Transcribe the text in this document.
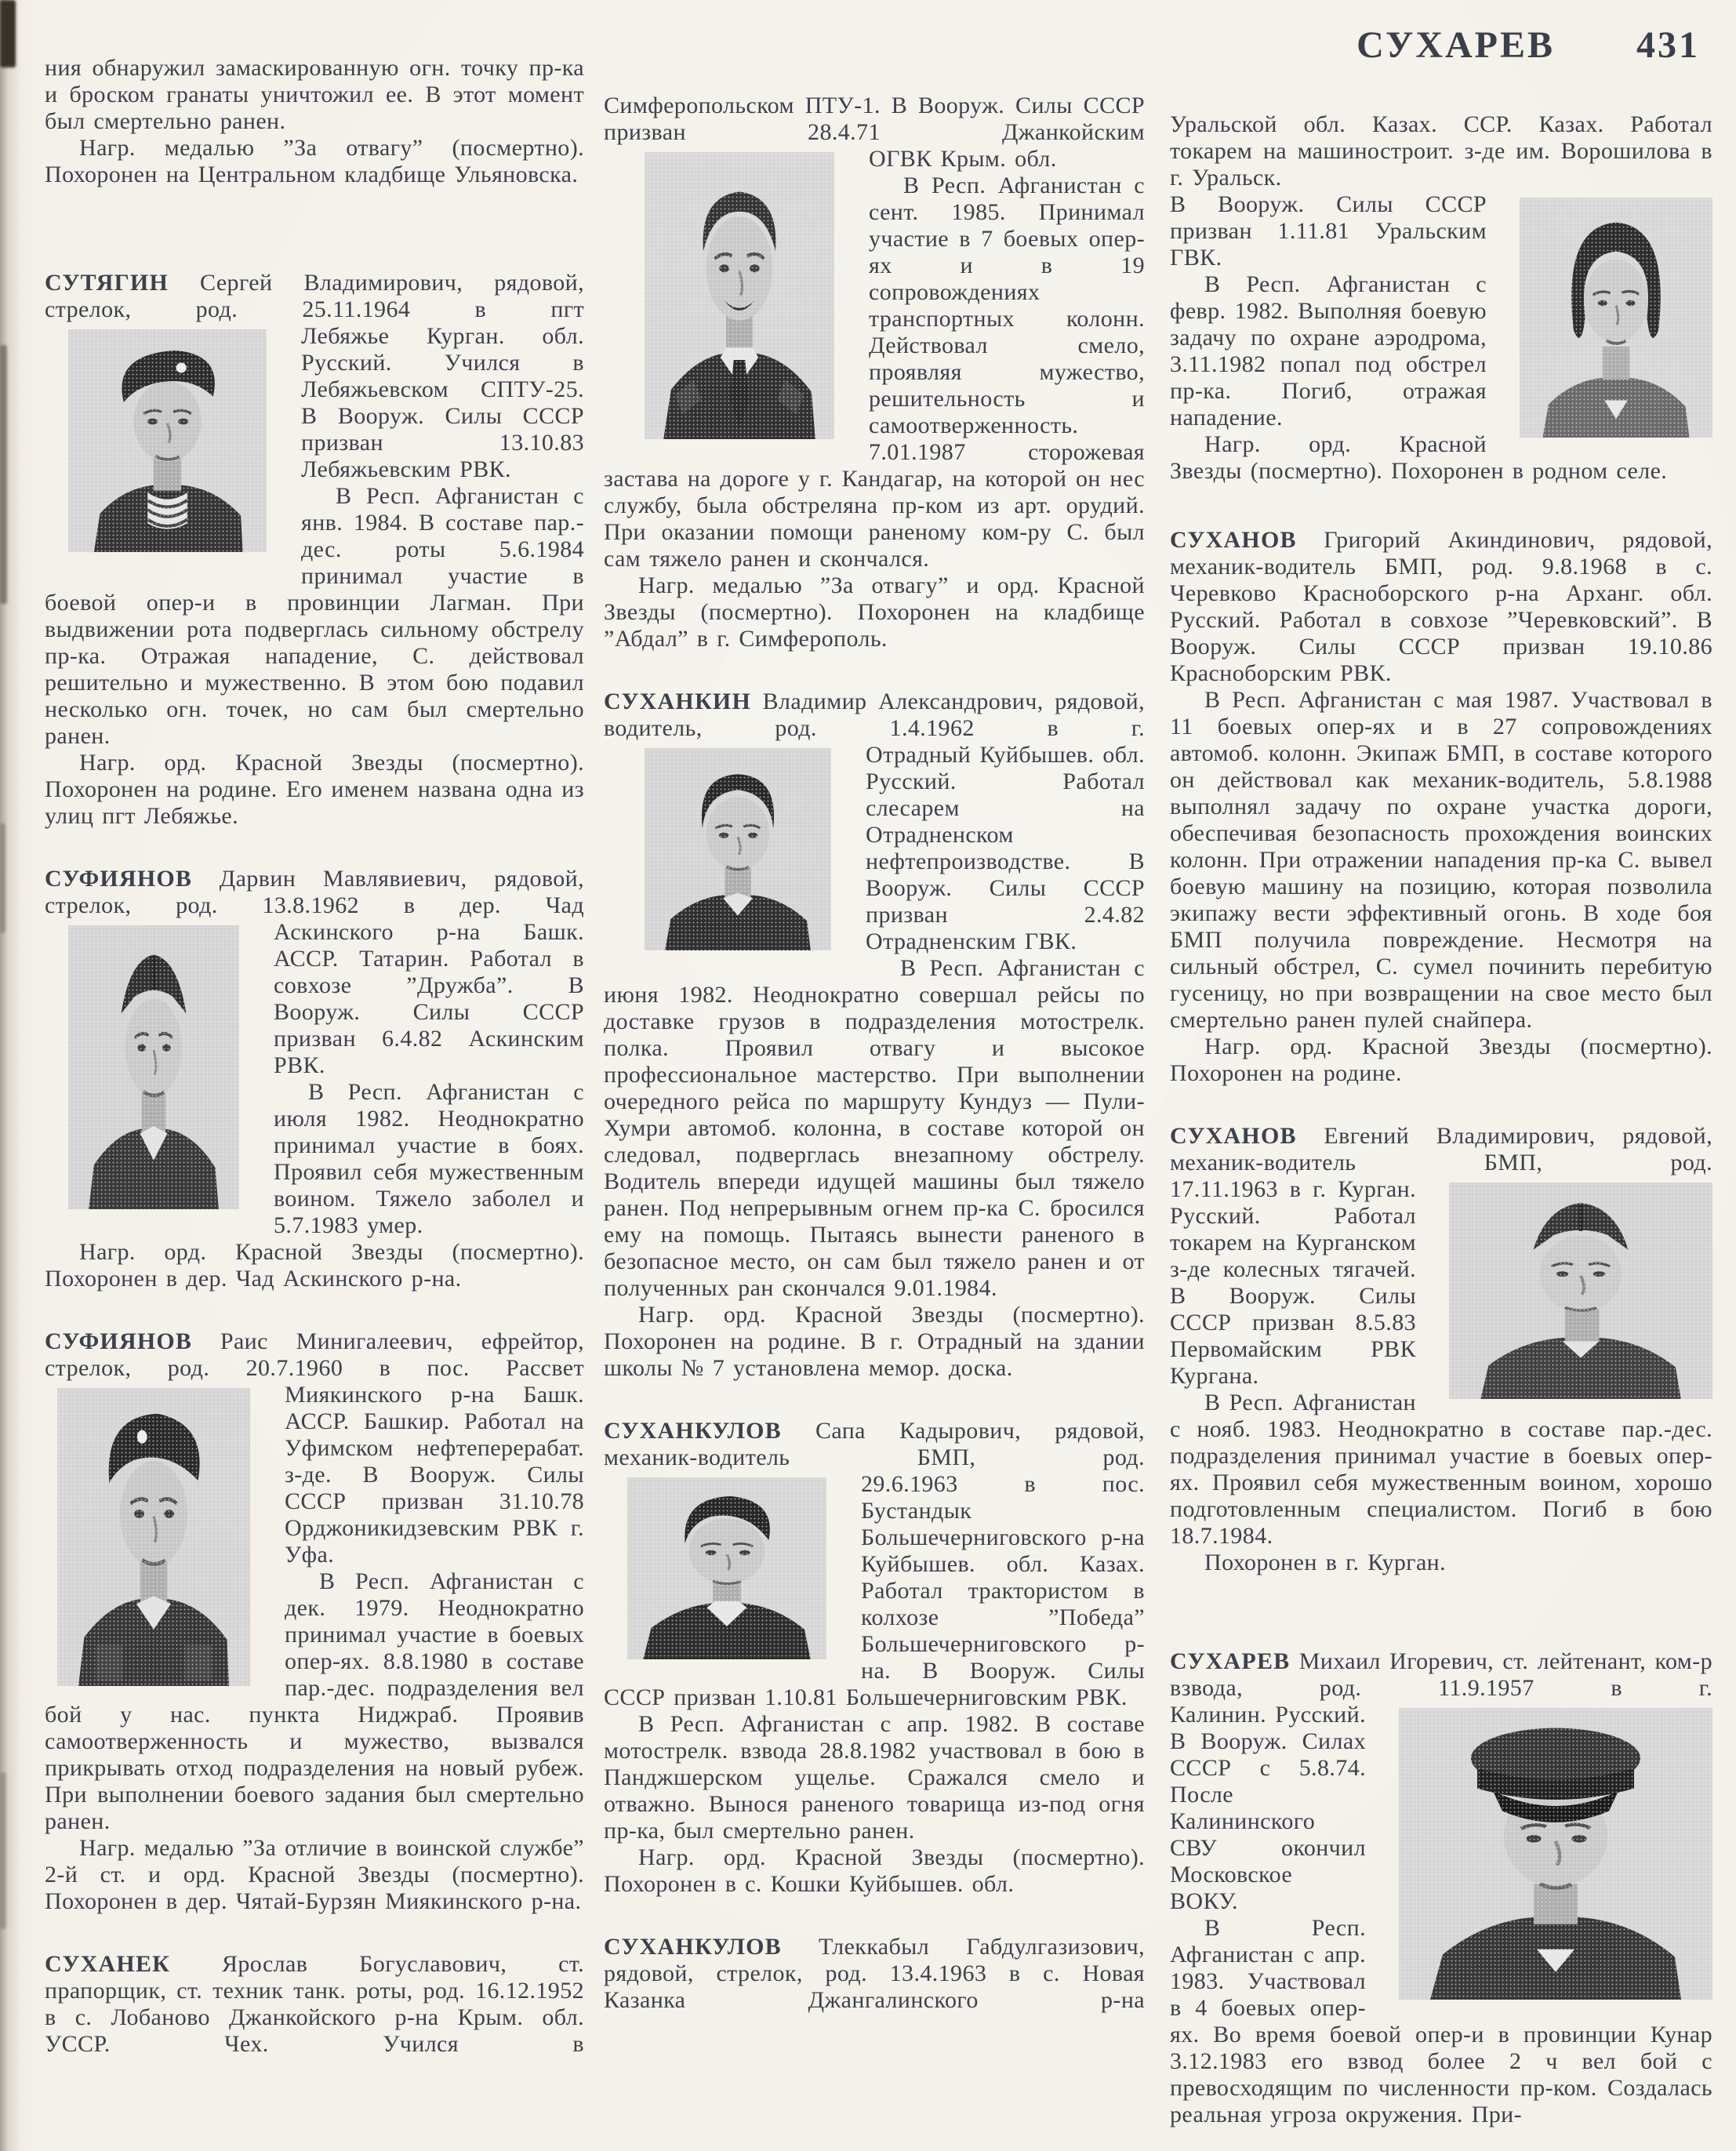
СУХАРЕВ 431

ния обнаружил замаскированную огн. точку пр-ка и броском гранаты уничтожил ее. В этот момент был смертельно ранен.

Нагр. медалью ”За отвагу” (посмертно). Похоронен на Центральном кладбище Ульяновска.

СУТЯГИН Сергей Владимирович, рядовой, стрелок, род. 25.11.1964 в пгт

Лебяжье Курган. обл. Русский. Учился в Лебяжьевском СПТУ-25. В Вооруж. Силы СССР призван 13.10.83 Лебяжьевским РВК.

В Респ. Афганистан с янв. 1984. В составе пар.-дес. роты 5.6.1984 принимал участие в боевой опер-и в провинции Лагман. При выдвижении рота подверглась сильному обстрелу пр-ка. Отражая нападение, С. действовал решительно и мужественно. В этом бою подавил несколько огн. точек, но сам был смертельно ранен.

Нагр. орд. Красной Звезды (посмертно). Похоронен на родине. Его именем названа одна из улиц пгт Лебяжье.

СУФИЯНОВ Дарвин Мавлявиевич, рядовой, стрелок, род. 13.8.1962 в дер. Чад

Аскинского р-на Башк. АССР. Татарин. Работал в совхозе ”Дружба”. В Вооруж. Силы СССР призван 6.4.82 Аскинским РВК.

В Респ. Афганистан с июля 1982. Неоднократно принимал участие в боях. Проявил себя мужественным воином. Тяжело заболел и 5.7.1983 умер.

Нагр. орд. Красной Звезды (посмертно). Похоронен в дер. Чад Аскинского р-на.

СУФИЯНОВ Раис Минигалеевич, ефрейтор, стрелок, род. 20.7.1960 в пос. Рассвет

Миякинского р-на Башк. АССР. Башкир. Работал на Уфимском нефтеперерабат. з-де. В Вооруж. Силы СССР призван 31.10.78 Орджоникидзевским РВК г. Уфа.

В Респ. Афганистан с дек. 1979. Неоднократно принимал участие в боевых опер-ях. 8.8.1980 в составе пар.-дес. подразделения вел бой у нас. пункта Ниджраб. Проявив самоотверженность и мужество, вызвался прикрывать отход подразделения на новый рубеж. При выполнении боевого задания был смертельно ранен.

Нагр. медалью ”За отличие в воинской службе” 2-й ст. и орд. Красной Звезды (посмертно). Похоронен в дер. Чятай-Бурзян Миякинского р-на.

СУХАНЕК Ярослав Богуславович, ст. прапорщик, ст. техник танк. роты, род. 16.12.1952 в с. Лобаново Джанкойского р-на Крым. обл. УССР. Чех. Учился в

Симферопольском ПТУ-1. В Вооруж. Силы СССР призван 28.4.71 Джанкойским

ОГВК Крым. обл.

В Респ. Афганистан с сент. 1985. Принимал участие в 7 боевых опер-ях и в 19 сопровождениях транспортных колонн. Действовал смело, проявляя мужество, решительность и самоотверженность. 7.01.1987 сторожевая застава на дороге у г. Кандагар, на которой он нес службу, была обстреляна пр-ком из арт. орудий. При оказании помощи раненому ком-ру С. был сам тяжело ранен и скончался.

Нагр. медалью ”За отвагу” и орд. Красной Звезды (посмертно). Похоронен на кладбище ”Абдал” в г. Симферополь.

СУХАНКИН Владимир Александрович, рядовой, водитель, род. 1.4.1962 в г.

Отрадный Куйбышев. обл. Русский. Работал слесарем на Отрадненском нефтепроизводстве. В Вооруж. Силы СССР призван 2.4.82 Отрадненским ГВК.

В Респ. Афганистан с июня 1982. Неоднократно совершал рейсы по доставке грузов в подразделения мотострелк. полка. Проявил отвагу и высокое профессиональное мастерство. При выполнении очередного рейса по маршруту Кундуз — Пули-Хумри автомоб. колонна, в составе которой он следовал, подверглась внезапному обстрелу. Водитель впереди идущей машины был тяжело ранен. Под непрерывным огнем пр-ка С. бросился ему на помощь. Пытаясь вынести раненого в безопасное место, он сам был тяжело ранен и от полученных ран скончался 9.01.1984.

Нагр. орд. Красной Звезды (посмертно). Похоронен на родине. В г. Отрадный на здании школы № 7 установлена мемор. доска.

СУХАНКУЛОВ Сапа Кадырович, рядовой, механик-водитель БМП, род.

29.6.1963 в пос. Бустандык Большечерниговского р-на Куйбышев. обл. Казах. Работал трактористом в колхозе ”Победа” Большечерниговского р-на. В Вооруж. Силы СССР призван 1.10.81 Большечерниговским РВК.

В Респ. Афганистан с апр. 1982. В составе мотострелк. взвода 28.8.1982 участвовал в бою в Панджшерском ущелье. Сражался смело и отважно. Вынося раненого товарища из-под огня пр-ка, был смертельно ранен.

Нагр. орд. Красной Звезды (посмертно). Похоронен в с. Кошки Куйбышев. обл.

СУХАНКУЛОВ Тлеккабыл Габдулгазизович, рядовой, стрелок, род. 13.4.1963 в с. Новая Казанка Джангалинского р-на

Уральской обл. Казах. ССР. Казах. Работал токарем на машиностроит. з-де им. Ворошилова в г. Уральск.

В Вооруж. Силы СССР призван 1.11.81 Уральским ГВК.

В Респ. Афганистан с февр. 1982. Выполняя боевую задачу по охране аэродрома, 3.11.1982 попал под обстрел пр-ка. Погиб, отражая нападение.

Нагр. орд. Красной Звезды (посмертно). Похоронен в родном селе.

СУХАНОВ Григорий Акиндинович, рядовой, механик-водитель БМП, род. 9.8.1968 в с. Черевково Красноборского р-на Арханг. обл. Русский. Работал в совхозе ”Черевковский”. В Вооруж. Силы СССР призван 19.10.86 Красноборским РВК.

В Респ. Афганистан с мая 1987. Участвовал в 11 боевых опер-ях и в 27 сопровождениях автомоб. колонн. Экипаж БМП, в составе которого он действовал как механик-водитель, 5.8.1988 выполнял задачу по охране участка дороги, обеспечивая безопасность прохождения воинских колонн. При отражении нападения пр-ка С. вывел боевую машину на позицию, которая позволила экипажу вести эффективный огонь. В ходе боя БМП получила повреждение. Несмотря на сильный обстрел, С. сумел починить перебитую гусеницу, но при возвращении на свое место был смертельно ранен пулей снайпера.

Нагр. орд. Красной Звезды (посмертно). Похоронен на родине.

СУХАНОВ Евгений Владимирович, рядовой, механик-водитель БМП, род.

17.11.1963 в г. Курган. Русский. Работал токарем на Курганском з-де колесных тягачей. В Вооруж. Силы СССР призван 8.5.83 Первомайским РВК Кургана.

В Респ. Афганистан с нояб. 1983. Неоднократно в составе пар.-дес. подразделения принимал участие в боевых опер-ях. Проявил себя мужественным воином, хорошо подготовленным специалистом. Погиб в бою 18.7.1984.

Похоронен в г. Курган.

СУХАРЕВ Михаил Игоревич, ст. лейтенант, ком-р взвода, род. 11.9.1957 в г.

Калинин. Русский. В Вооруж. Силах СССР с 5.8.74. После Калининского СВУ окончил Московское ВОКУ.

В Респ. Афганистан с апр. 1983. Участвовал в 4 боевых опер-ях. Во время боевой опер-и в провинции Кунар 3.12.1983 его взвод более 2 ч вел бой с превосходящим по численности пр-ком. Создалась реальная угроза окружения. При-
